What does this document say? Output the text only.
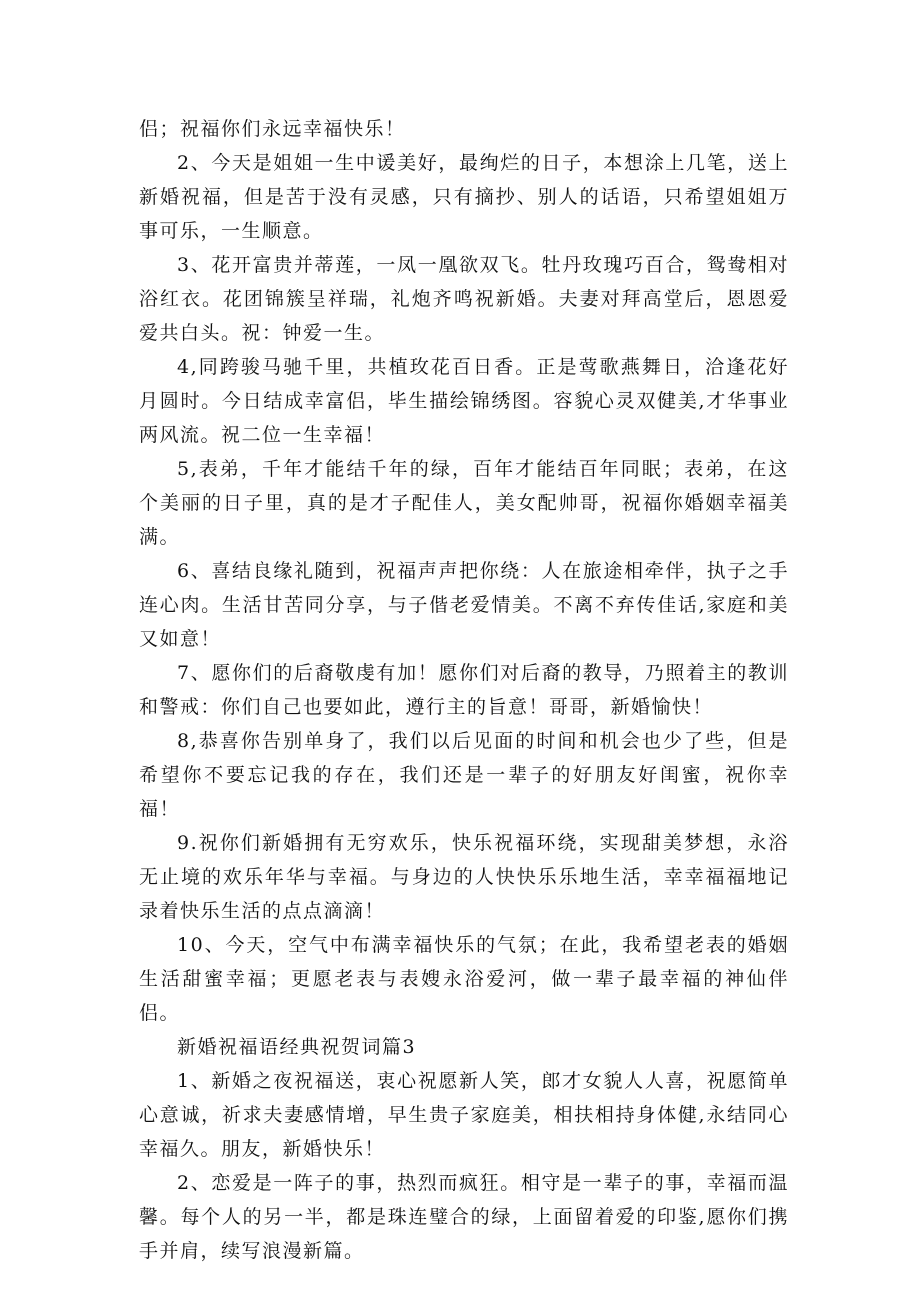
侣；祝福你们永远幸福快乐！

2、今天是姐姐一生中谖美好，最绚烂的日子，本想涂上几笔，送上新婚祝福，但是苦于没有灵感，只有摘抄、别人的话语，只希望姐姐万事可乐，一生顺意。

3、花开富贵并蒂莲，一凤一凰欲双飞。牡丹玫瑰巧百合，鸳鸯相对浴红衣。花团锦簇呈祥瑞，礼炮齐鸣祝新婚。夫妻对拜高堂后，恩恩爱爱共白头。祝：钟爱一生。

4,同跨骏马驰千里，共植玫花百日香。正是莺歌燕舞日，洽逢花好月圆时。今日结成幸富侣，毕生描绘锦绣图。容貌心灵双健美,才华事业两风流。祝二位一生幸福！

5,表弟，千年才能结千年的绿，百年才能结百年同眠；表弟，在这个美丽的日子里，真的是才子配佳人，美女配帅哥，祝福你婚姻幸福美满。

6、喜结良缘礼随到，祝福声声把你绕：人在旅途相牵伴，执子之手连心肉。生活甘苦同分享，与子偕老爱情美。不离不弃传佳话,家庭和美又如意！

7、愿你们的后裔敬虔有加！愿你们对后裔的教导，乃照着主的教训和警戒：你们自己也要如此，遵行主的旨意！哥哥，新婚愉快！

8,恭喜你告别单身了，我们以后见面的时间和机会也少了些，但是希望你不要忘记我的存在，我们还是一辈子的好朋友好闺蜜，祝你幸福！

9.祝你们新婚拥有无穷欢乐，快乐祝福环绕，实现甜美梦想，永浴无止境的欢乐年华与幸福。与身边的人快快乐乐地生活，幸幸福福地记录着快乐生活的点点滴滴！

10、今天，空气中布满幸福快乐的气氛；在此，我希望老表的婚姻生活甜蜜幸福；更愿老表与表嫂永浴爱河，做一辈子最幸福的神仙伴侣。

新婚祝福语经典祝贺词篇3

1、新婚之夜祝福送，衷心祝愿新人笑，郎才女貌人人喜，祝愿简单心意诚，祈求夫妻感情增，早生贵子家庭美，相扶相持身体健,永结同心幸福久。朋友，新婚快乐！

2、恋爱是一阵子的事，热烈而疯狂。相守是一辈子的事，幸福而温馨。每个人的另一半，都是珠连璧合的绿，上面留着爱的印鉴,愿你们携手并肩，续写浪漫新篇。
